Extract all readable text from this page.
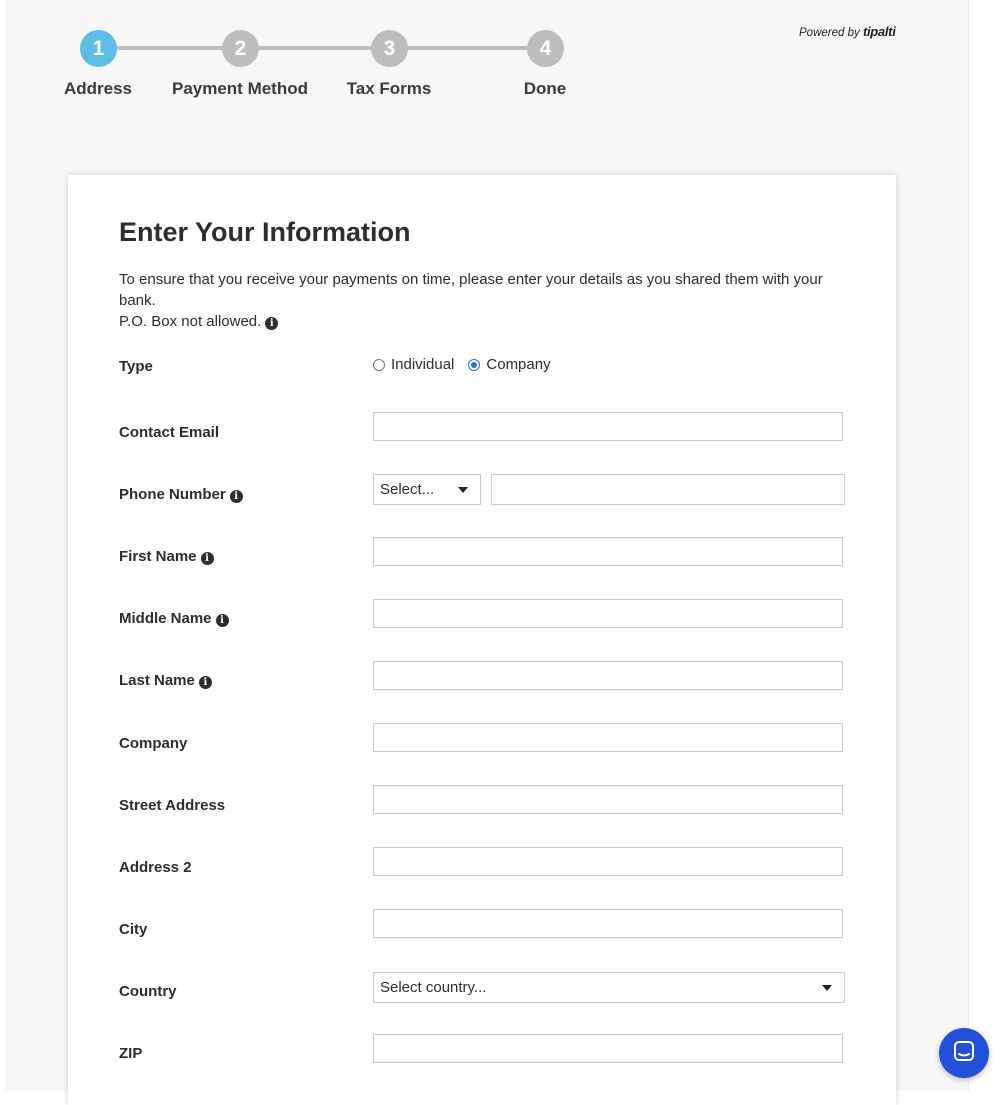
1	2	3	4
Address Payment Method Tax Forms	Done
Powered by tipalti
Enter Your Information
To ensure that you receive your payments on time, please enter your details as you shared them with your bank.
P.O. Box not allowed. i
Type	Individual Company
Contact Email
Phone Number i	Select...
First Name i
Middle Name i
Last Name i
Company
Street Address
Address 2
City
Country	Select country...
ZIP
